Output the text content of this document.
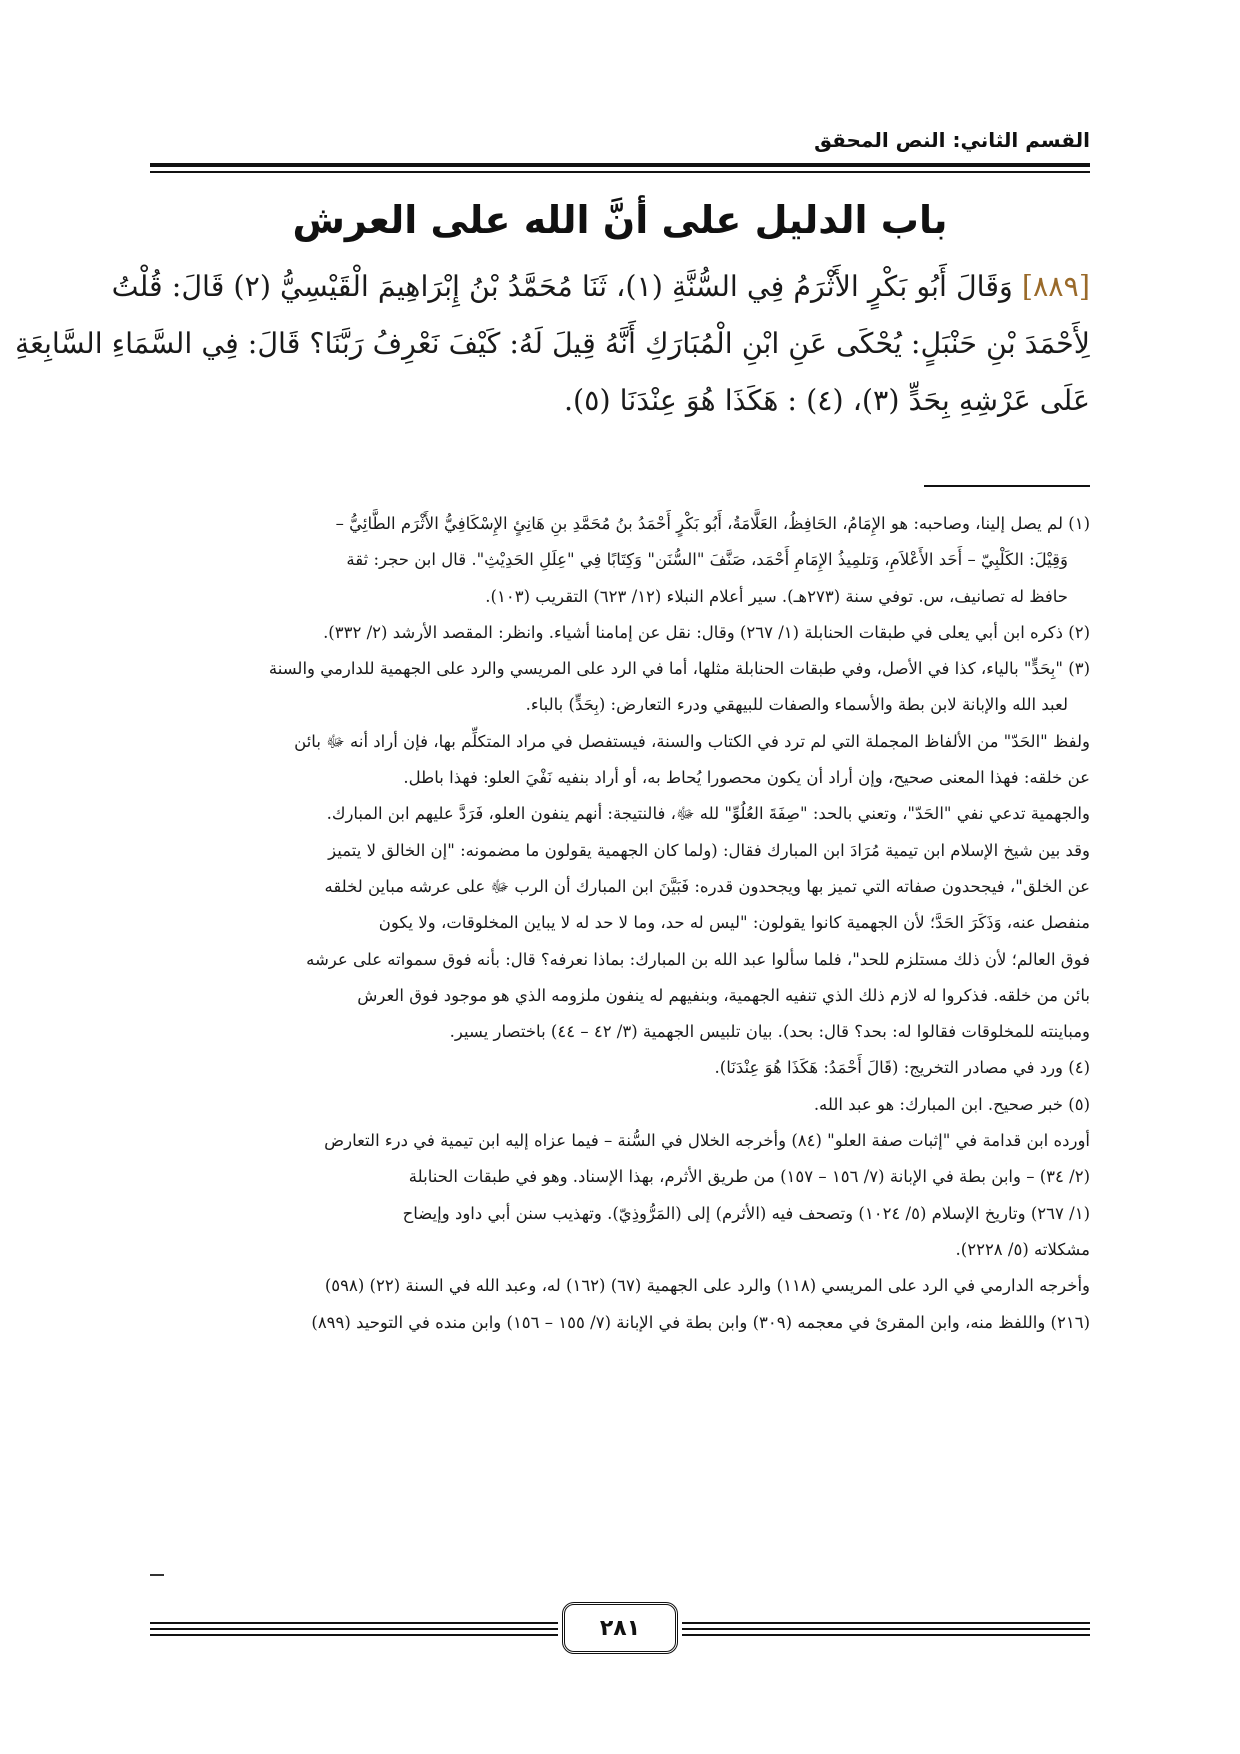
القسم الثاني: النص المحقق
باب الدليل على أنَّ الله على العرش
[٨٨٩] وَقَالَ أَبُو بَكْرٍ الأَثْرَمُ فِي السُّنَّةِ (١)، ثَنَا مُحَمَّدُ بْنُ إِبْرَاهِيمَ الْقَيْسِيُّ (٢) قَالَ: قُلْتُ
لِأَحْمَدَ بْنِ حَنْبَلٍ: يُحْكَى عَنِ ابْنِ الْمُبَارَكِ أَنَّهُ قِيلَ لَهُ: كَيْفَ نَعْرِفُ رَبَّنَا؟ قَالَ: فِي السَّمَاءِ السَّابِعَةِ
عَلَى عَرْشِهِ بِحَدٍّ (٣)، (٤) : هَكَذَا هُوَ عِنْدَنَا (٥).
(١) لم يصل إلينا، وصاحبه: هو الإِمَامُ، الحَافِظُ، العَلَّامَةُ، أَبُو بَكْرٍ أَحْمَدُ بنُ مُحَمَّدِ بنِ هَانِئٍ الإِسْكَافِيُّ الأَثْرَم الطَّائِيُّ –
وَقِيْلَ: الكَلْبِيّ – أَحَد الأَعْلاَمِ، وَتلمِيذُ الإِمَامِ أَحْمَد، صَنَّفَ "السُّنَن" وَكِتَابًا فِي "عِلَلِ الحَدِيْثِ". قال ابن حجر: ثقة
حافظ له تصانيف، س. توفي سنة (٢٧٣هـ). سير أعلام النبلاء (١٢/ ٦٢٣) التقريب (١٠٣).
(٢) ذكره ابن أبي يعلى في طبقات الحنابلة (١/ ٢٦٧) وقال: نقل عن إمامنا أشياء. وانظر: المقصد الأرشد (٢/ ٣٣٢).
(٣) "بِحَدٍّ" بالياء، كذا في الأصل، وفي طبقات الحنابلة مثلها، أما في الرد على المريسي والرد على الجهمية للدارمي والسنة
لعبد الله والإبانة لابن بطة والأسماء والصفات للبيهقي ودرء التعارض: (بِحَدٍّ) بالباء.
ولفظ "الحَدّ" من الألفاظ المجملة التي لم ترد في الكتاب والسنة، فيستفصل في مراد المتكلِّم بها، فإن أراد أنه ﷻ بائن
عن خلقه: فهذا المعنى صحيح، وإن أراد أن يكون محصورا يُحاط به، أو أراد بنفيه نَفْيَ العلو: فهذا باطل.
والجهمية تدعي نفي "الحَدّ"، وتعني بالحد: "صِفَةَ العُلُوِّ" لله ﷻ، فالنتيجة: أنهم ينفون العلو، فَرَدَّ عليهم ابن المبارك.
وقد بين شيخ الإسلام ابن تيمية مُرَادَ ابن المبارك فقال: (ولما كان الجهمية يقولون ما مضمونه: "إن الخالق لا يتميز
عن الخلق"، فيجحدون صفاته التي تميز بها ويجحدون قدره: فَبَيَّنَ ابن المبارك أن الرب ﷻ على عرشه مباين لخلقه
منفصل عنه، وَذَكَرَ الحَدَّ؛ لأن الجهمية كانوا يقولون: "ليس له حد، وما لا حد له لا يباين المخلوقات، ولا يكون
فوق العالم؛ لأن ذلك مستلزم للحد"، فلما سألوا عبد الله بن المبارك: بماذا نعرفه؟ قال: بأنه فوق سمواته على عرشه
بائن من خلقه. فذكروا له لازم ذلك الذي تنفيه الجهمية، وبنفيهم له ينفون ملزومه الذي هو موجود فوق العرش
ومباينته للمخلوقات فقالوا له: بحد؟ قال: بحد). بيان تلبيس الجهمية (٣/ ٤٢ – ٤٤) باختصار يسير.
(٤) ورد في مصادر التخريج: (قَالَ أَحْمَدُ: هَكَذَا هُوَ عِنْدَنَا).
(٥) خبر صحيح. ابن المبارك: هو عبد الله.
أورده ابن قدامة في "إثبات صفة العلو" (٨٤) وأخرجه الخلال في السُّنة – فيما عزاه إليه ابن تيمية في درء التعارض
(٢/ ٣٤) – وابن بطة في الإبانة (٧/ ١٥٦ – ١٥٧) من طريق الأثرم، بهذا الإسناد. وهو في طبقات الحنابلة
(١/ ٢٦٧) وتاريخ الإسلام (٥/ ١٠٢٤) وتصحف فيه (الأثرم) إلى (المَرُّوذِيّ). وتهذيب سنن أبي داود وإيضاح
مشكلاته (٥/ ٢٢٢٨).
وأخرجه الدارمي في الرد على المريسي (١١٨) والرد على الجهمية (٦٧) (١٦٢) له، وعبد الله في السنة (٢٢) (٥٩٨)
(٢١٦) واللفظ منه، وابن المقرئ في معجمه (٣٠٩) وابن بطة في الإبانة (٧/ ١٥٥ – ١٥٦) وابن منده في التوحيد (٨٩٩)
٢٨١
